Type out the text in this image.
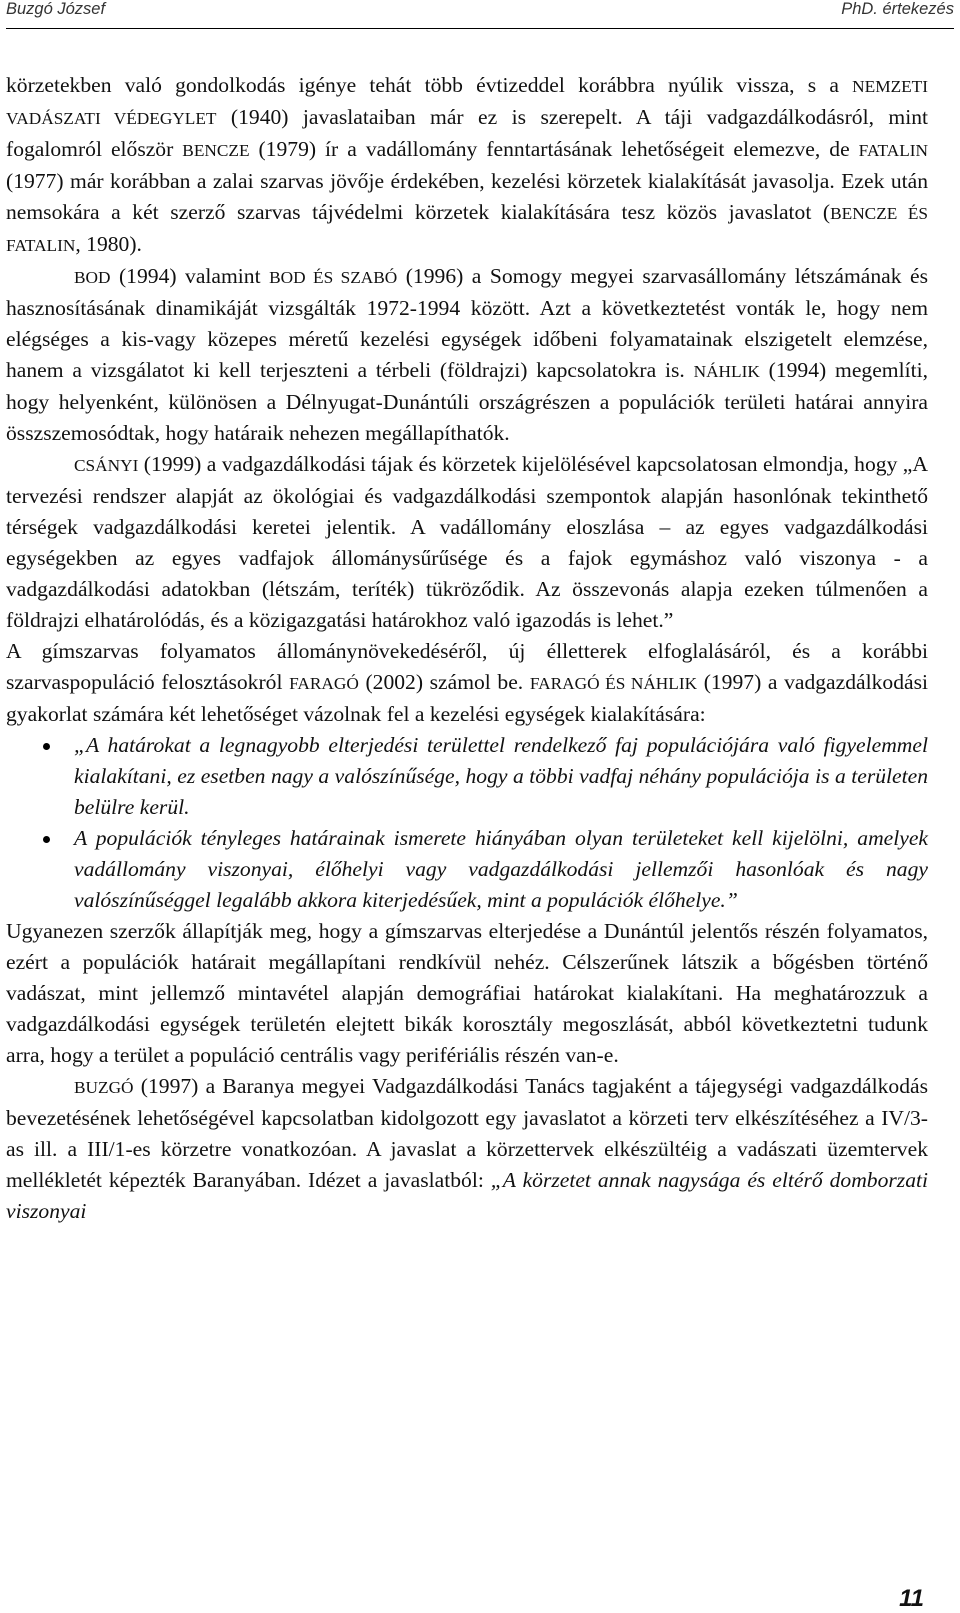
Buzgó József	PhD. értekezés

körzetekben való gondolkodás igénye tehát több évtizeddel korábbra nyúlik vissza, s a NEMZETI VADÁSZATI VÉDEGYLET (1940) javaslataiban már ez is szerepelt. A táji vadgazdálkodásról, mint fogalomról először BENCZE (1979) ír a vadállomány fenntartásának lehetőségeit elemezve, de FATALIN (1977) már korábban a zalai szarvas jövője érdekében, kezelési körzetek kialakítását javasolja. Ezek után nemsokára a két szerző szarvas tájvédelmi körzetek kialakítására tesz közös javaslatot (BENCZE ÉS FATALIN, 1980).

BOD (1994) valamint BOD ÉS SZABÓ (1996) a Somogy megyei szarvasállomány létszámának és hasznosításának dinamikáját vizsgálták 1972-1994 között. Azt a következtetést vonták le, hogy nem elégséges a kis-vagy közepes méretű kezelési egységek időbeni folyamatainak elszigetelt elemzése, hanem a vizsgálatot ki kell terjeszteni a térbeli (földrajzi) kapcsolatokra is. NÁHLIK (1994) megemlíti, hogy helyenként, különösen a Délnyugat-Dunántúli országrészen a populációk területi határai annyira összszemosódtak, hogy határaik nehezen megállapíthatók.

CSÁNYI (1999) a vadgazdálkodási tájak és körzetek kijelölésével kapcsolatosan elmondja, hogy „A tervezési rendszer alapját az ökológiai és vadgazdálkodási szempontok alapján hasonlónak tekinthető térségek vadgazdálkodási keretei jelentik. A vadállomány eloszlása – az egyes vadgazdálkodási egységekben az egyes vadfajok állománysűrűsége és a fajok egymáshoz való viszonya - a vadgazdálkodási adatokban (létszám, teríték) tükröződik. Az összevonás alapja ezeken túlmenően a földrajzi elhatárolódás, és a közigazgatási határokhoz való igazodás is lehet.”

A gímszarvas folyamatos állománynövekedéséről, új élletterek elfoglalásáról, és a korábbi szarvaspopuláció felosztásokról FARAGÓ (2002) számol be. FARAGÓ ÉS NÁHLIK (1997) a vadgazdálkodási gyakorlat számára két lehetőséget vázolnak fel a kezelési egységek kialakítására:

„A határokat a legnagyobb elterjedési területtel rendelkező faj populációjára való figyelemmel kialakítani, ez esetben nagy a valószínűsége, hogy a többi vadfaj néhány populációja is a területen belülre kerül.
A populációk tényleges határainak ismerete hiányában olyan területeket kell kijelölni, amelyek vadállomány viszonyai, élőhelyi vagy vadgazdálkodási jellemzői hasonlóak és nagy valószínűséggel legalább akkora kiterjedésűek, mint a populációk élőhelye.”

Ugyanezen szerzők állapítják meg, hogy a gímszarvas elterjedése a Dunántúl jelentős részén folyamatos, ezért a populációk határait megállapítani rendkívül nehéz. Célszerűnek látszik a bőgésben történő vadászat, mint jellemző mintavétel alapján demográfiai határokat kialakítani. Ha meghatározzuk a vadgazdálkodási egységek területén elejtett bikák korosztály megoszlását, abból következtetni tudunk arra, hogy a terület a populáció centrális vagy perifériális részén van-e.

BUZGÓ (1997) a Baranya megyei Vadgazdálkodási Tanács tagjaként a tájegységi vadgazdálkodás bevezetésének lehetőségével kapcsolatban kidolgozott egy javaslatot a körzeti terv elkészítéséhez a IV/3-as ill. a III/1-es körzetre vonatkozóan. A javaslat a körzettervek elkészültéig a vadászati üzemtervek mellékletét képezték Baranyában. Idézet a javaslatból: „A körzetet annak nagysága és eltérő domborzati viszonyai

11
